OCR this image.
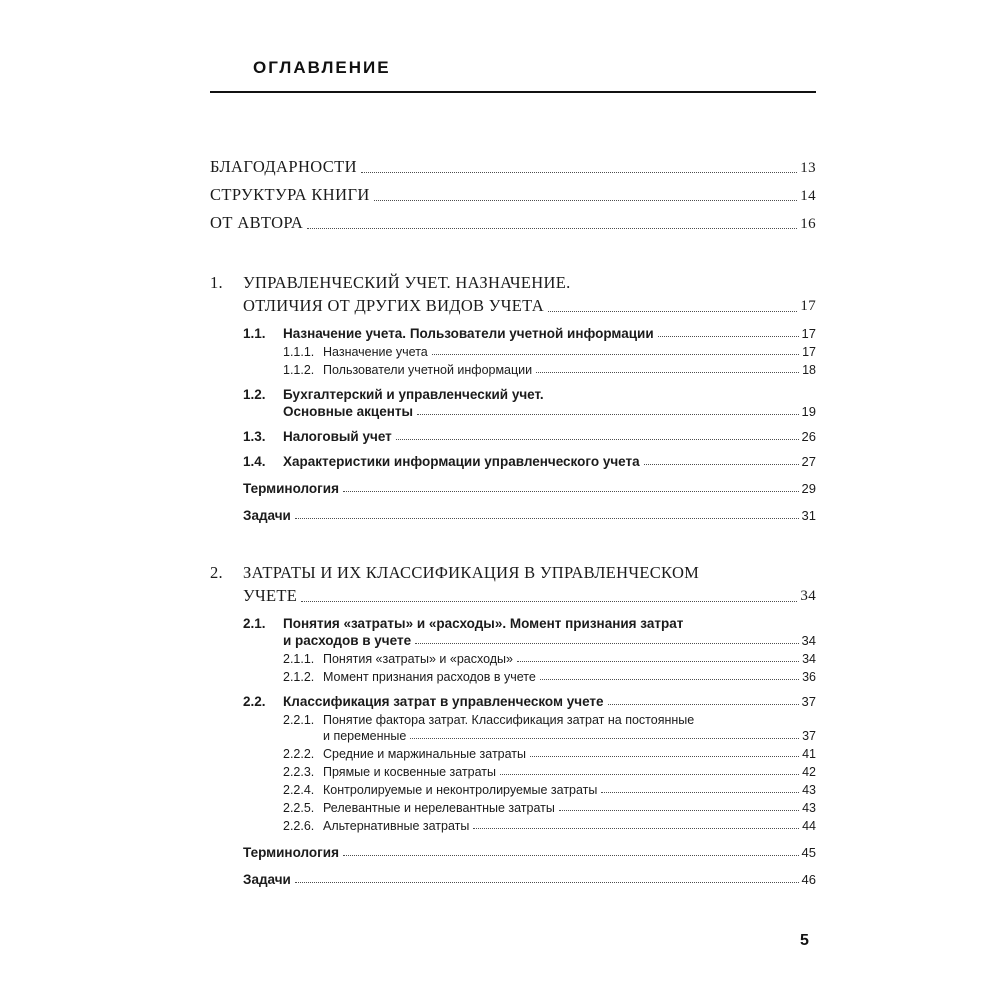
ОГЛАВЛЕНИЕ
БЛАГОДАРНОСТИ	13
СТРУКТУРА КНИГИ	14
ОТ АВТОРА	16
1. УПРАВЛЕНЧЕСКИЙ УЧЕТ. НАЗНАЧЕНИЕ.
ОТЛИЧИЯ ОТ ДРУГИХ ВИДОВ УЧЕТА	17
1.1.	Назначение учета. Пользователи учетной информации	17
1.1.1. Назначение учета	17
1.1.2. Пользователи учетной информации	18
1.2. Бухгалтерский и управленческий учет.
Основные акценты	19
1.3.	Налоговый учет	26
1.4.	Характеристики информации управленческого учета	27
Терминология	29
Задачи	31
2. ЗАТРАТЫ И ИХ КЛАССИФИКАЦИЯ В УПРАВЛЕНЧЕСКОМ
УЧЕТЕ	34
2.1. Понятия «затраты» и «расходы». Момент признания затрат
и расходов в учете	34
2.1.1. Понятия «затраты» и «расходы»	34
2.1.2. Момент признания расходов в учете	36
2.2.	Классификация затрат в управленческом учете	37
2.2.1. Понятие фактора затрат. Классификация затрат на постоянные
и переменные	37
2.2.2. Средние и маржинальные затраты	41
2.2.3. Прямые и косвенные затраты	42
2.2.4. Контролируемые и неконтролируемые затраты	43
2.2.5. Релевантные и нерелевантные затраты	43
2.2.6. Альтернативные затраты	44
Терминология	45
Задачи	46
5
